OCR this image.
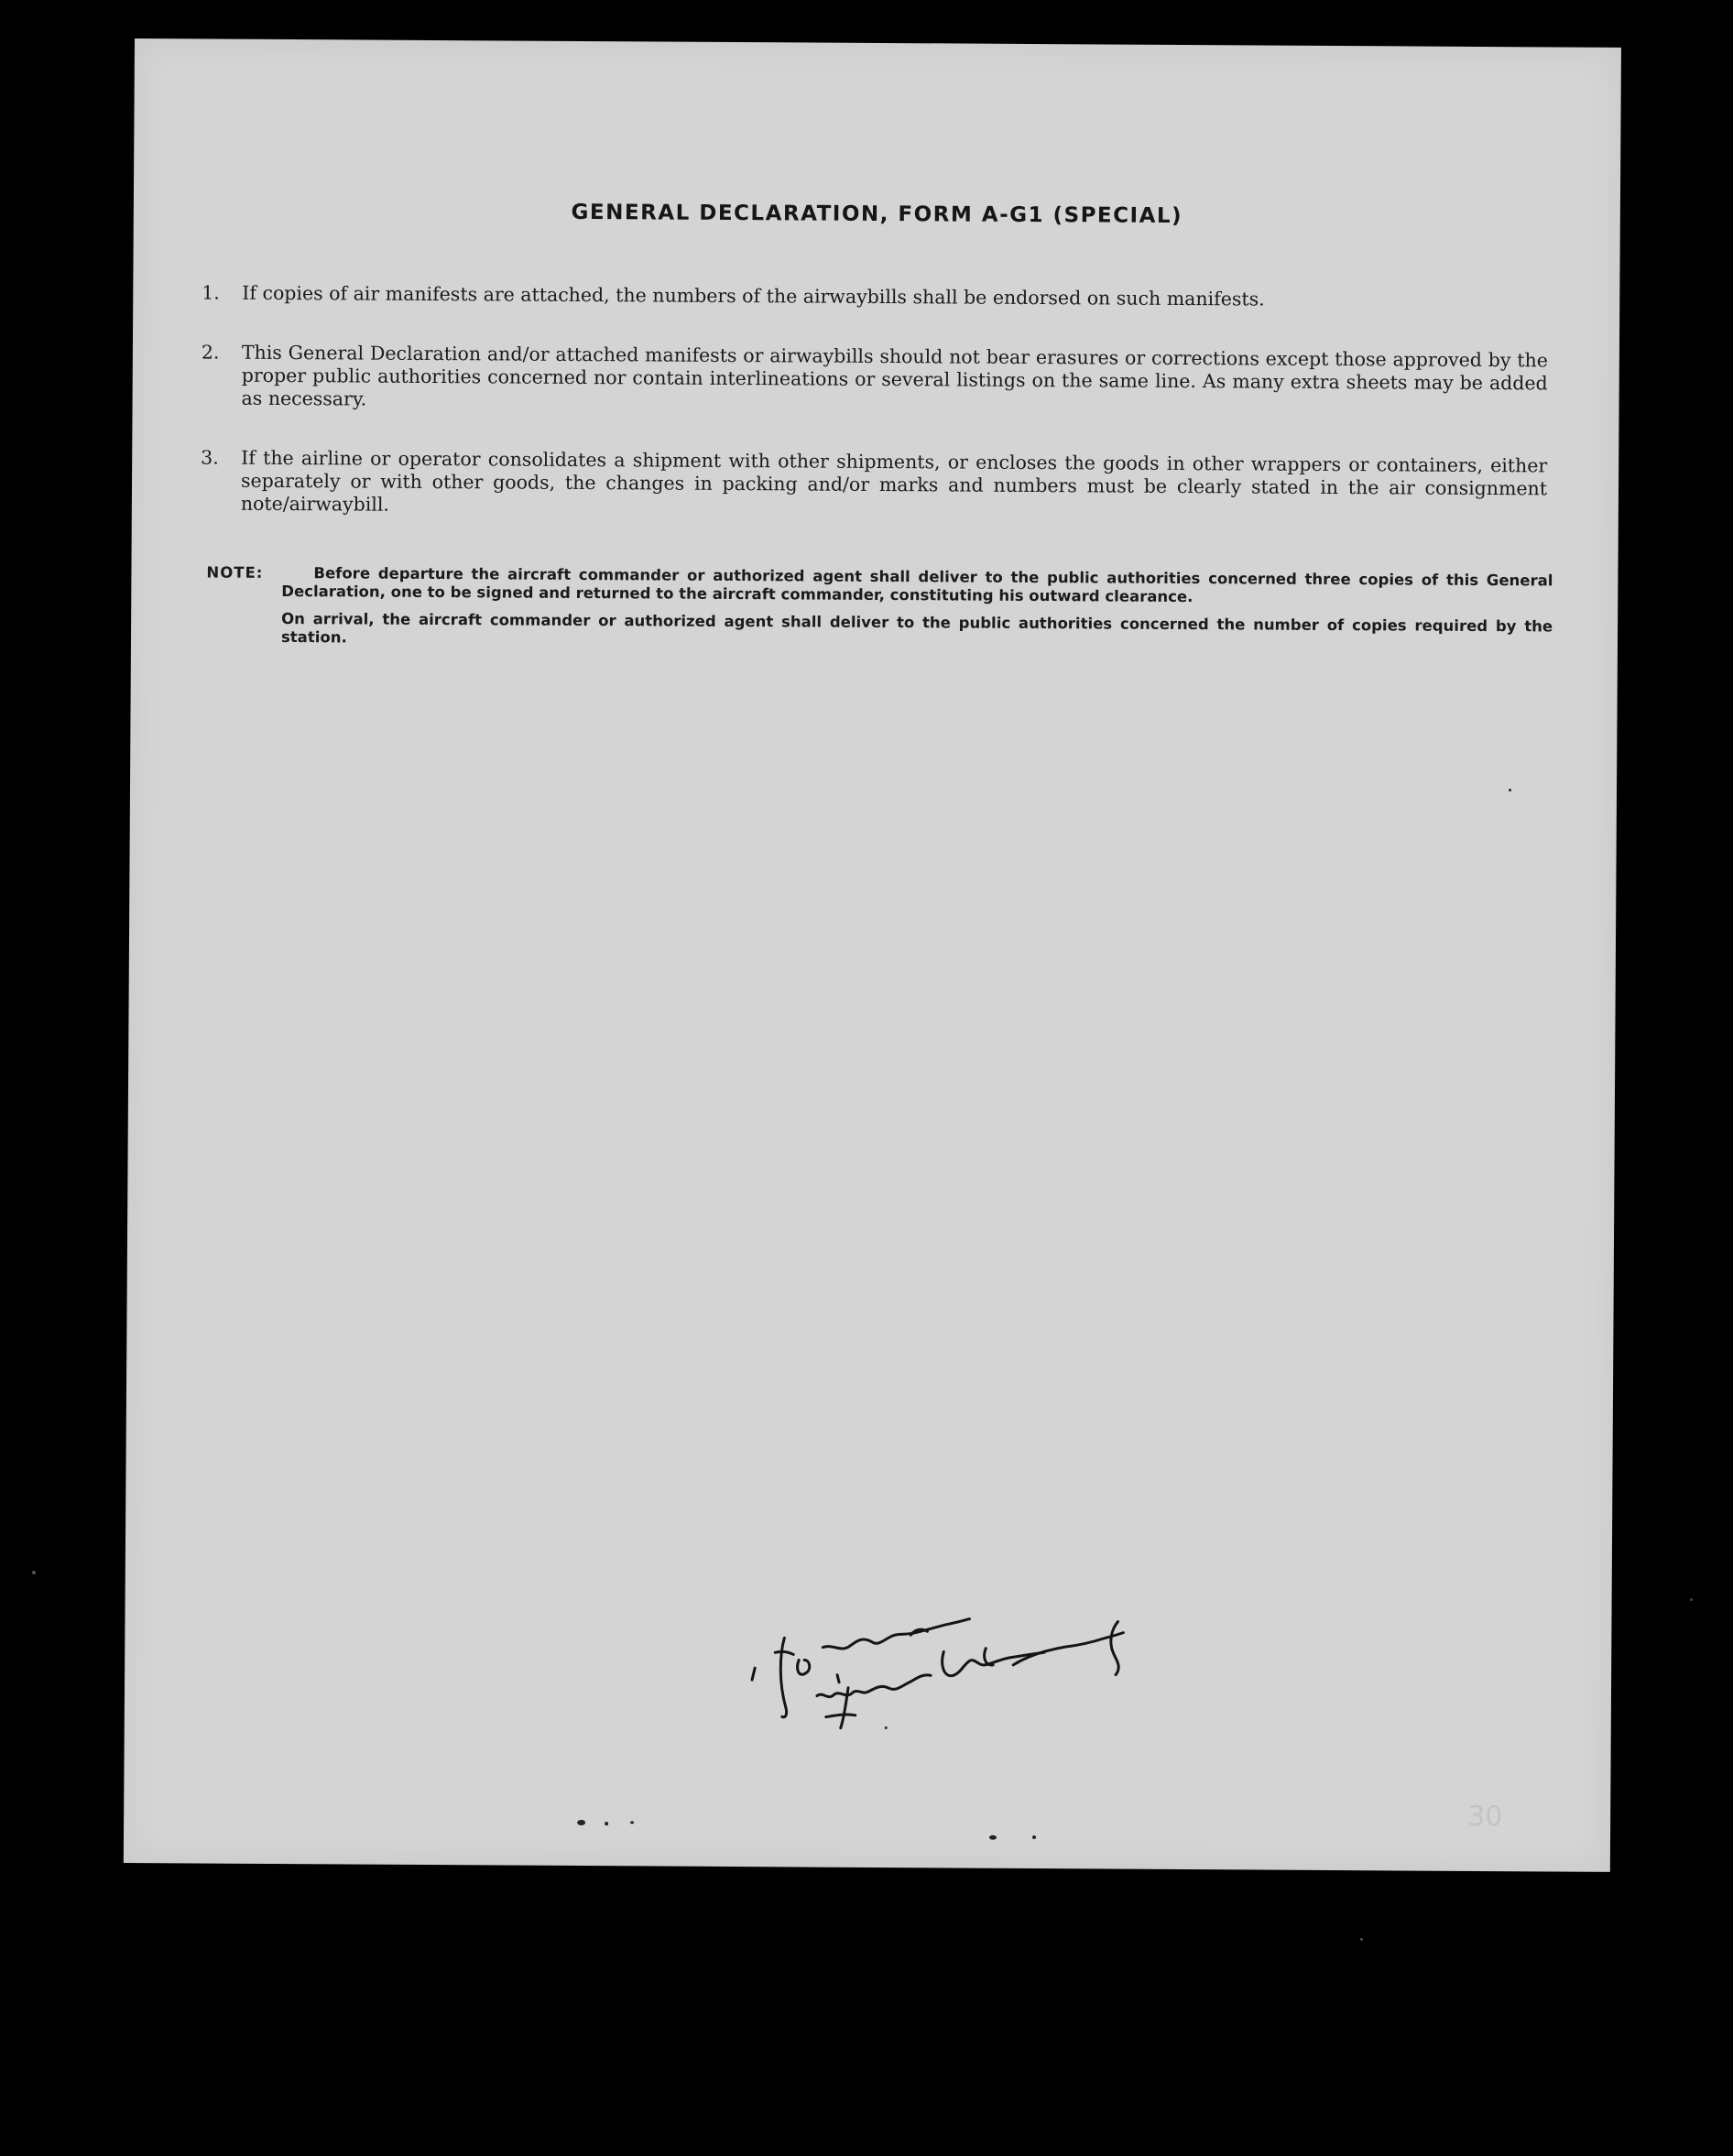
GENERAL DECLARATION, FORM A-G1 (SPECIAL)
1. If copies of air manifests are attached, the numbers of the airwaybills shall be endorsed on such manifests.
2. This General Declaration and/or attached manifests or airwaybills should not bear erasures or corrections except those approved by the proper public authorities concerned nor contain interlineations or several listings on the same line. As many extra sheets may be added as necessary.
3. If the airline or operator consolidates a shipment with other shipments, or encloses the goods in other wrappers or containers, either separately or with other goods, the changes in packing and/or marks and numbers must be clearly stated in the air consignment note/airwaybill.
NOTE:	Before departure the aircraft commander or authorized agent shall deliver to the public authorities concerned three copies of this General Declaration, one to be signed and returned to the aircraft commander, constituting his outward clearance.
On arrival, the aircraft commander or authorized agent shall deliver to the public authorities concerned the number of copies required by the station.
30
